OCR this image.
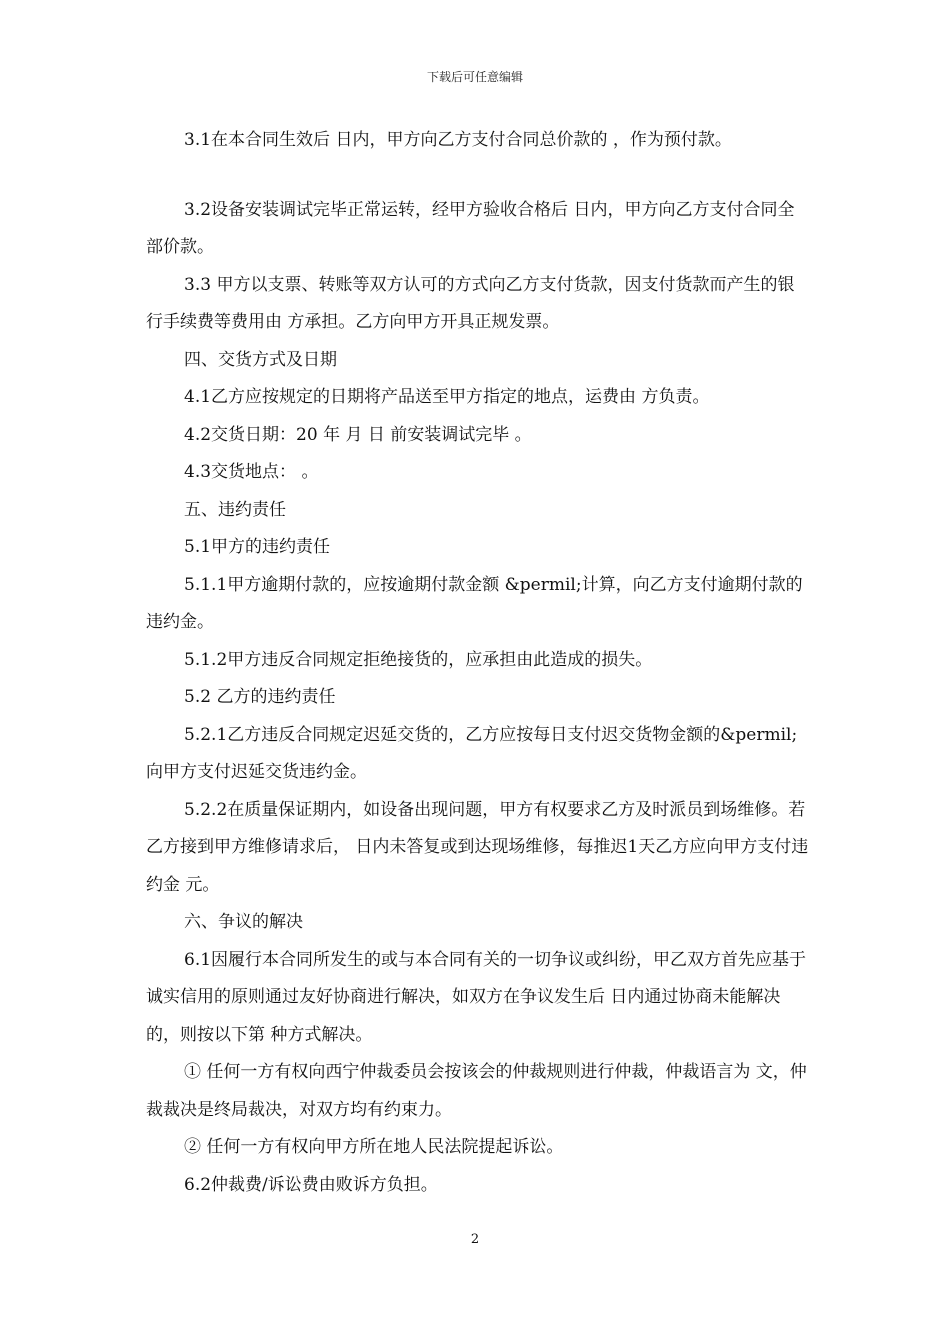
下载后可任意编辑

3.1在本合同生效后 日内，甲方向乙方支付合同总价款的 ，作为预付款。

3.2设备安装调试完毕正常运转，经甲方验收合格后 日内，甲方向乙方支付合同全部价款。

3.3 甲方以支票、转账等双方认可的方式向乙方支付货款，因支付货款而产生的银行手续费等费用由 方承担。乙方向甲方开具正规发票。

四、交货方式及日期

4.1乙方应按规定的日期将产品送至甲方指定的地点，运费由 方负责。

4.2交货日期：20 年 月 日 前安装调试完毕 。

4.3交货地点： 。

五、违约责任

5.1甲方的违约责任

5.1.1甲方逾期付款的，应按逾期付款金额 &permil;计算，向乙方支付逾期付款的违约金。

5.1.2甲方违反合同规定拒绝接货的，应承担由此造成的损失。

5.2 乙方的违约责任

5.2.1乙方违反合同规定迟延交货的，乙方应按每日支付迟交货物金额的&permil;向甲方支付迟延交货违约金。

5.2.2在质量保证期内，如设备出现问题，甲方有权要求乙方及时派员到场维修。若乙方接到甲方维修请求后， 日内未答复或到达现场维修，每推迟1天乙方应向甲方支付违约金 元。

六、争议的解决

6.1因履行本合同所发生的或与本合同有关的一切争议或纠纷，甲乙双方首先应基于诚实信用的原则通过友好协商进行解决，如双方在争议发生后 日内通过协商未能解决的，则按以下第 种方式解决。

① 任何一方有权向西宁仲裁委员会按该会的仲裁规则进行仲裁，仲裁语言为 文，仲裁裁决是终局裁决，对双方均有约束力。

② 任何一方有权向甲方所在地人民法院提起诉讼。

6.2仲裁费/诉讼费由败诉方负担。

2
